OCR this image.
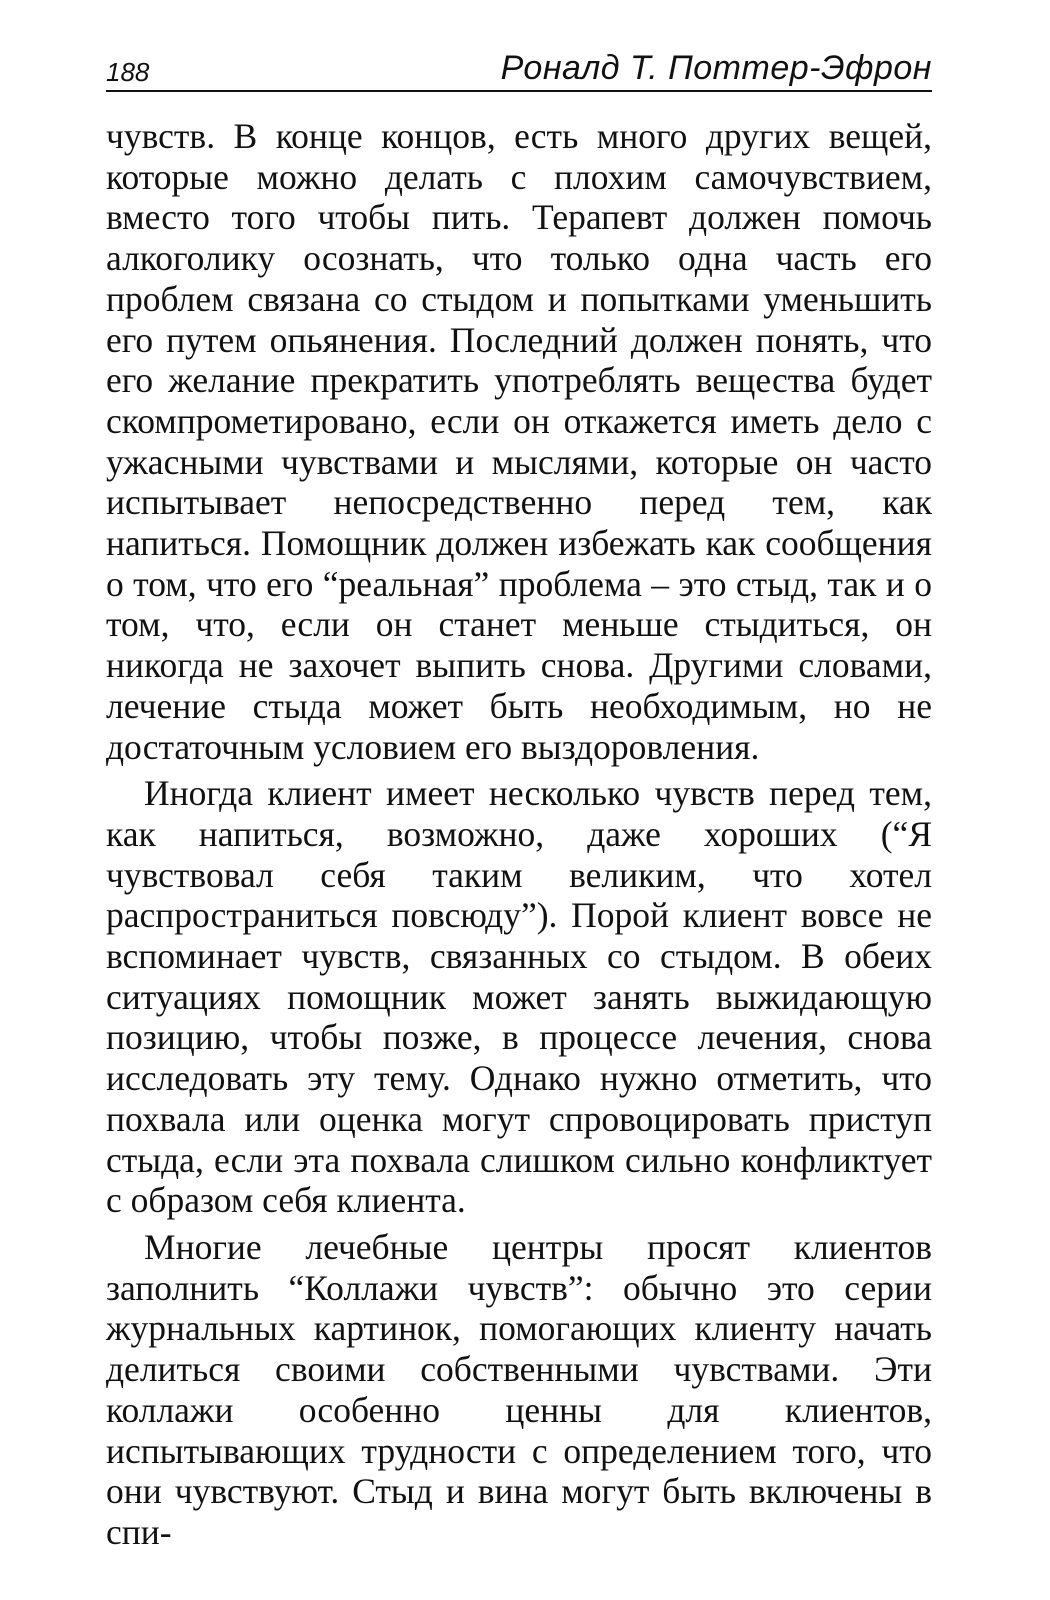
188	Роналд Т. Поттер-Эфрон

чувств. В конце концов, есть много других вещей, которые можно делать с плохим самочувствием, вместо того чтобы пить. Терапевт должен помочь алкоголику осознать, что только одна часть его проблем связана со стыдом и попытками уменьшить его путем опьянения. Последний должен понять, что его желание прекратить употреблять вещества будет скомпрометировано, если он откажется иметь дело с ужасными чувствами и мыслями, которые он часто испытывает непосредственно перед тем, как напиться. Помощник должен избежать как сообщения о том, что его “реальная” проблема – это стыд, так и о том, что, если он станет меньше стыдиться, он никогда не захочет выпить снова. Другими словами, лечение стыда может быть необходимым, но не достаточным условием его выздоровления.

Иногда клиент имеет несколько чувств перед тем, как напиться, возможно, даже хороших (“Я чувствовал себя таким великим, что хотел распространиться повсюду”). Порой клиент вовсе не вспоминает чувств, связанных со стыдом. В обеих ситуациях помощник может занять выжидающую позицию, чтобы позже, в процессе лечения, снова исследовать эту тему. Однако нужно отметить, что похвала или оценка могут спровоцировать приступ стыда, если эта похвала слишком сильно конфликтует с образом себя клиента.

Многие лечебные центры просят клиентов заполнить “Коллажи чувств”: обычно это серии журнальных картинок, помогающих клиенту начать делиться своими собственными чувствами. Эти коллажи особенно ценны для клиентов, испытывающих трудности с определением того, что они чувствуют. Стыд и вина могут быть включены в спи-
